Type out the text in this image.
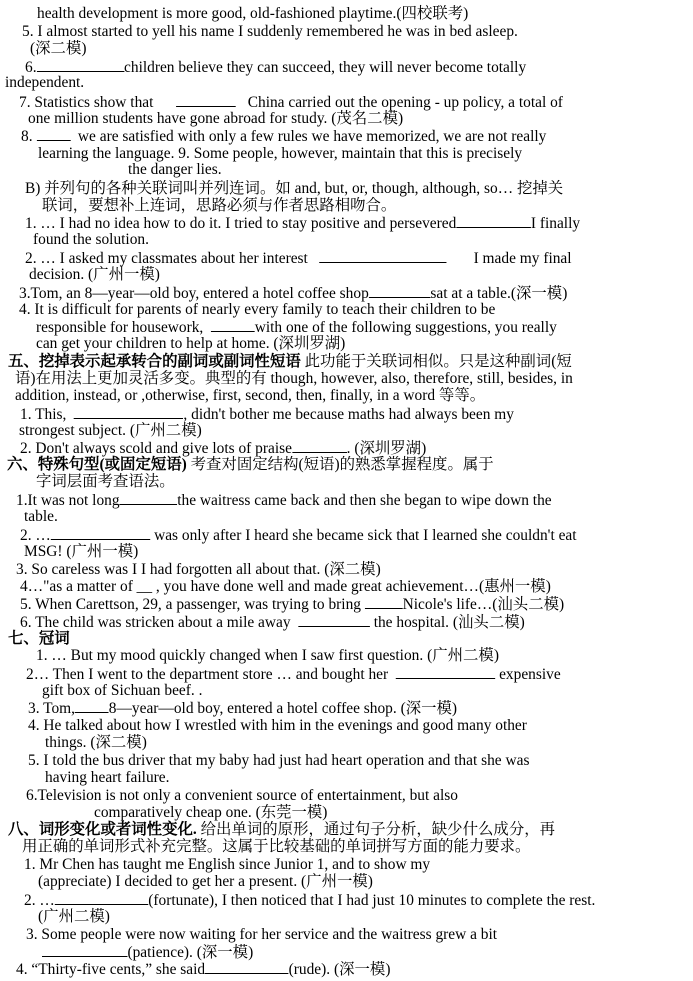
health development is more good, old-fashioned playtime.(四校联考)
5. I almost started to yell his name I suddenly remembered he was in bed asleep.
(深二模)
6.	children believe they can succeed, they will never become totally
independent.
7. Statistics show that	China carried out the opening - up policy, a total of
one million students have gone abroad for study. (茂名二模)
8.	we are satisfied with only a few rules we have memorized, we are not really
learning the language. 9. Some people, however, maintain that this is precisely
the danger lies.
B) 并列句的各种关联词叫并列连词。如 and, but, or, though, although, so… 挖掉关
联词，要想补上连词，思路必须与作者思路相吻合。
1. … I had no idea how to do it. I tried to stay positive and persevered	I finally
found the solution.
2. … I asked my classmates about her interest	I made my final
decision. (广州一模)
3.Tom, an 8—year—old boy, entered a hotel coffee shop	sat at a table.(深一模)
4. It is difficult for parents of nearly every family to teach their children to be
responsible for housework,	with one of the following suggestions, you really
can get your children to help at home. (深圳罗湖)
五、挖掉表示起承转合的副词或副词性短语 此功能于关联词相似。只是这种副词(短
语)在用法上更加灵活多变。典型的有 though, however, also, therefore, still, besides, in
addition, instead, or ,otherwise, first, second, then, finally, in a word 等等。
1. This,	, didn't bother me because maths had always been my
strongest subject. (广州二模)
2. Don't always scold and give lots of praise	. (深圳罗湖)
六、特殊句型(或固定短语) 考查对固定结构(短语)的熟悉掌握程度。属于
字词层面考查语法。
1.It was not long	the waitress came back and then she began to wipe down the
table.
2. …	was only after I heard she became sick that I learned she couldn't eat
MSG! (广州一模)
3. So careless was I I had forgotten all about that. (深二模)
4…"as a matter of __ , you have done well and made great achievement…(惠州一模)
5. When Carettson, 29, a passenger, was trying to bring	Nicole's life…(汕头二模)
6. The child was stricken about a mile away	the hospital. (汕头二模)
七、冠词
1. … But my mood quickly changed when I saw first question. (广州二模)
2… Then I went to the department store … and bought her	expensive
gift box of Sichuan beef. .
3. Tom, 8—year—old boy, entered a hotel coffee shop. (深一模)
4. He talked about how I wrestled with him in the evenings and good many other
things. (深二模)
5. I told the bus driver that my baby had just had heart operation and that she was
having heart failure.
6.Television is not only a convenient source of entertainment, but also
comparatively cheap one. (东莞一模)
八、词形变化或者词性变化. 给出单词的原形，通过句子分析，缺少什么成分，再
用正确的单词形式补充完整。这属于比较基础的单词拼写方面的能力要求。
1. Mr Chen has taught me English since Junior 1, and to show my
(appreciate) I decided to get her a present. (广州一模)
2. …	(fortunate), I then noticed that I had just 10 minutes to complete the rest.
(广州二模)
3. Some people were now waiting for her service and the waitress grew a bit
(patience). (深一模)
4. “Thirty-five cents,” she said	(rude). (深一模)
